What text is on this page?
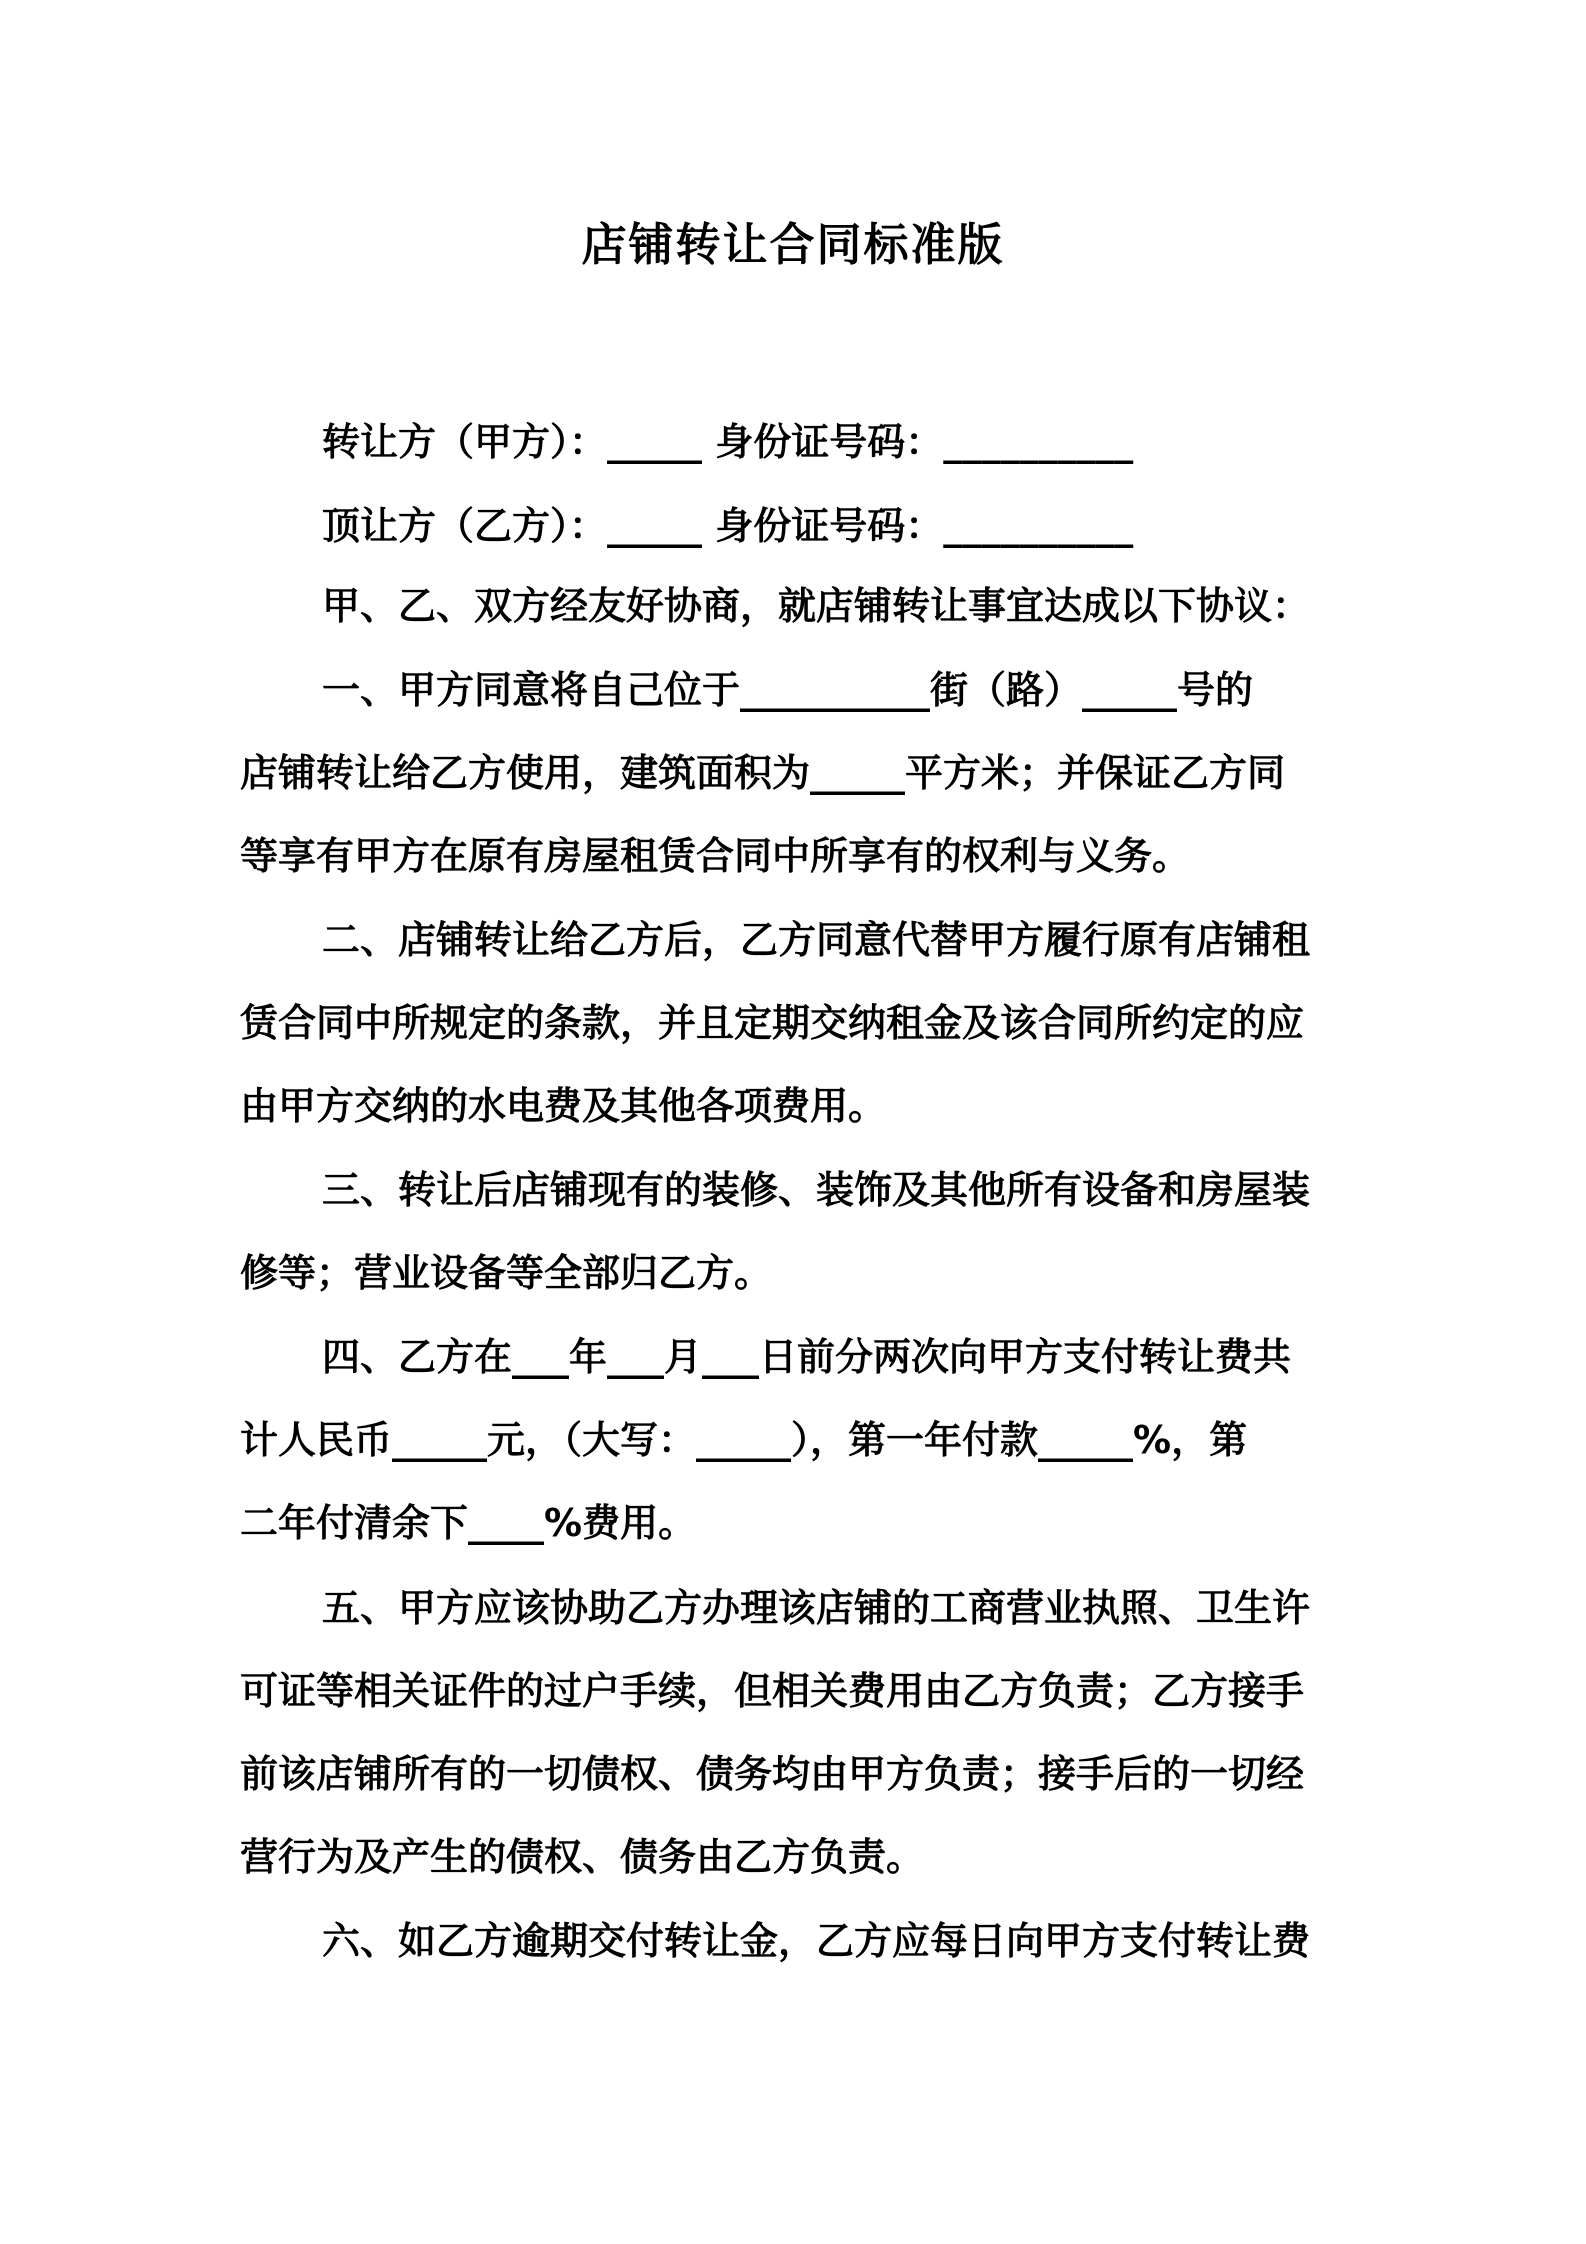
店铺转让合同标准版
转让方（甲方）：_____ 身份证号码：__________
顶让方（乙方）：_____ 身份证号码：__________
甲、乙、双方经友好协商，就店铺转让事宜达成以下协议：
一、甲方同意将自己位于__________街（路）_____号的
店铺转让给乙方使用，建筑面积为_____平方米；并保证乙方同
等享有甲方在原有房屋租赁合同中所享有的权利与义务。
二、店铺转让给乙方后，乙方同意代替甲方履行原有店铺租
赁合同中所规定的条款，并且定期交纳租金及该合同所约定的应
由甲方交纳的水电费及其他各项费用。
三、转让后店铺现有的装修、装饰及其他所有设备和房屋装
修等；营业设备等全部归乙方。
四、乙方在___年___月___日前分两次向甲方支付转让费共
计人民币_____元，（大写：_____），第一年付款_____%，第
二年付清余下____%费用。
五、甲方应该协助乙方办理该店铺的工商营业执照、卫生许
可证等相关证件的过户手续，但相关费用由乙方负责；乙方接手
前该店铺所有的一切债权、债务均由甲方负责；接手后的一切经
营行为及产生的债权、债务由乙方负责。
六、如乙方逾期交付转让金，乙方应每日向甲方支付转让费
